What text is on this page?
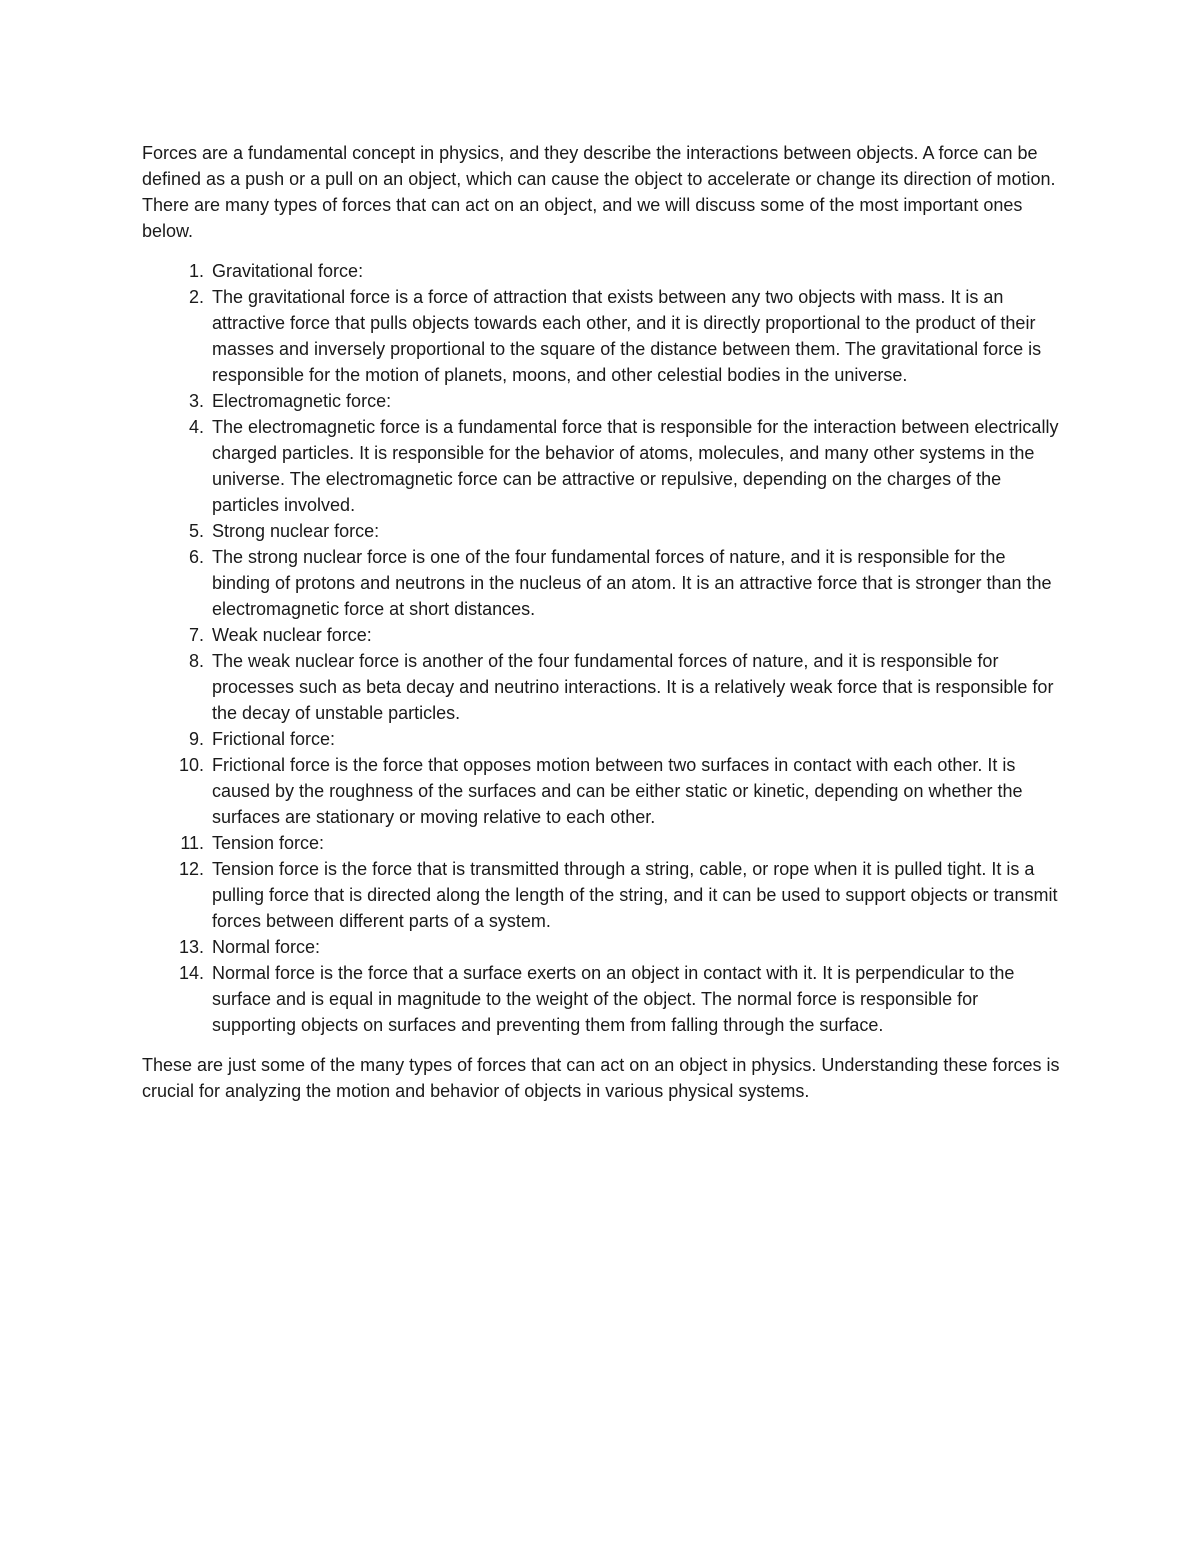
Forces are a fundamental concept in physics, and they describe the interactions between objects. A force can be defined as a push or a pull on an object, which can cause the object to accelerate or change its direction of motion. There are many types of forces that can act on an object, and we will discuss some of the most important ones below.

1. Gravitational force:
2. The gravitational force is a force of attraction that exists between any two objects with mass. It is an attractive force that pulls objects towards each other, and it is directly proportional to the product of their masses and inversely proportional to the square of the distance between them. The gravitational force is responsible for the motion of planets, moons, and other celestial bodies in the universe.
3. Electromagnetic force:
4. The electromagnetic force is a fundamental force that is responsible for the interaction between electrically charged particles. It is responsible for the behavior of atoms, molecules, and many other systems in the universe. The electromagnetic force can be attractive or repulsive, depending on the charges of the particles involved.
5. Strong nuclear force:
6. The strong nuclear force is one of the four fundamental forces of nature, and it is responsible for the binding of protons and neutrons in the nucleus of an atom. It is an attractive force that is stronger than the electromagnetic force at short distances.
7. Weak nuclear force:
8. The weak nuclear force is another of the four fundamental forces of nature, and it is responsible for processes such as beta decay and neutrino interactions. It is a relatively weak force that is responsible for the decay of unstable particles.
9. Frictional force:
10. Frictional force is the force that opposes motion between two surfaces in contact with each other. It is caused by the roughness of the surfaces and can be either static or kinetic, depending on whether the surfaces are stationary or moving relative to each other.
11. Tension force:
12. Tension force is the force that is transmitted through a string, cable, or rope when it is pulled tight. It is a pulling force that is directed along the length of the string, and it can be used to support objects or transmit forces between different parts of a system.
13. Normal force:
14. Normal force is the force that a surface exerts on an object in contact with it. It is perpendicular to the surface and is equal in magnitude to the weight of the object. The normal force is responsible for supporting objects on surfaces and preventing them from falling through the surface.

These are just some of the many types of forces that can act on an object in physics. Understanding these forces is crucial for analyzing the motion and behavior of objects in various physical systems.
